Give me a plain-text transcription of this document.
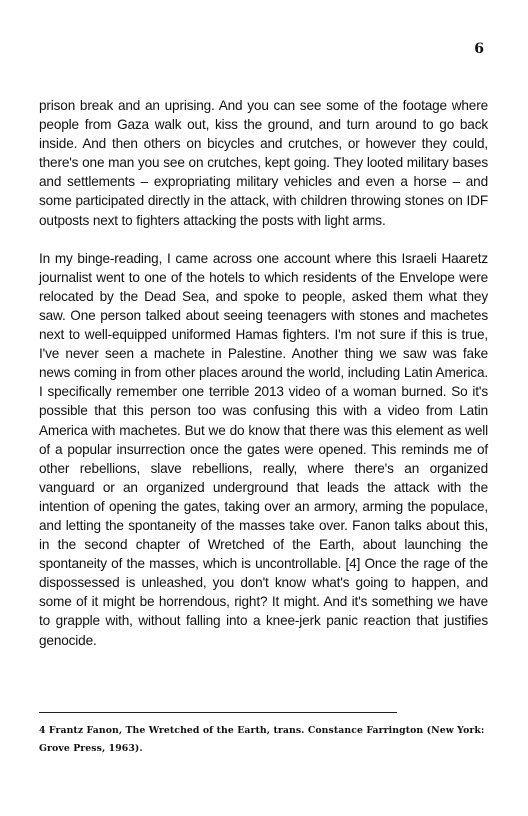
6

prison break and an uprising. And you can see some of the footage where people from Gaza walk out, kiss the ground, and turn around to go back inside. And then others on bicycles and crutches, or however they could, there's one man you see on crutches, kept going. They looted military bases and settlements – expropriating military vehicles and even a horse – and some participated directly in the attack, with children throwing stones on IDF outposts next to fighters attacking the posts with light arms.

In my binge-reading, I came across one account where this Israeli Haaretz journalist went to one of the hotels to which residents of the Envelope were relocated by the Dead Sea, and spoke to people, asked them what they saw. One person talked about seeing teenagers with stones and machetes next to well-equipped uniformed Hamas fighters. I'm not sure if this is true, I've never seen a machete in Palestine. Another thing we saw was fake news coming in from other places around the world, including Latin America. I specifically remember one terrible 2013 video of a woman burned. So it's possible that this person too was confusing this with a video from Latin America with machetes. But we do know that there was this element as well of a popular insurrection once the gates were opened. This reminds me of other rebellions, slave rebellions, really, where there's an organized vanguard or an organized underground that leads the attack with the intention of opening the gates, taking over an armory, arming the populace, and letting the spontaneity of the masses take over. Fanon talks about this, in the second chapter of Wretched of the Earth, about launching the spontaneity of the masses, which is uncontrollable. [4] Once the rage of the dispossessed is unleashed, you don't know what's going to happen, and some of it might be horrendous, right? It might. And it's something we have to grapple with, without falling into a knee-jerk panic reaction that justifies genocide.

4 Frantz Fanon, The Wretched of the Earth, trans. Constance Farrington (New York: Grove Press, 1963).
